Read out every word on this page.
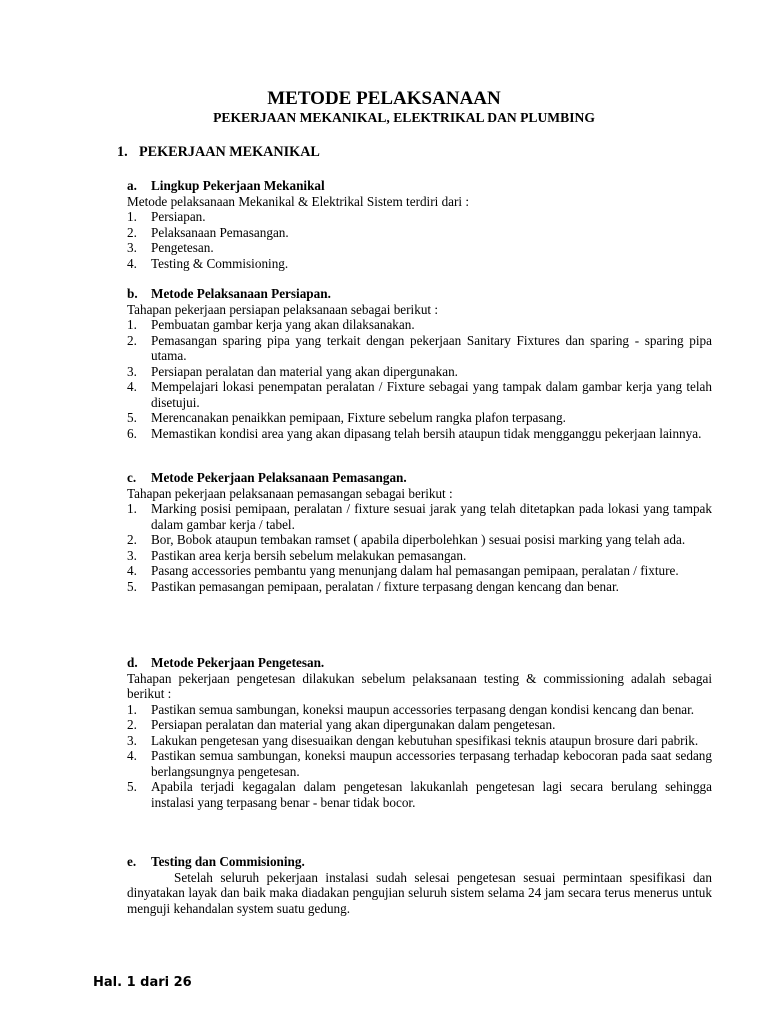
METODE PELAKSANAAN
PEKERJAAN MEKANIKAL, ELEKTRIKAL DAN PLUMBING
1. PEKERJAAN MEKANIKAL
a. Lingkup Pekerjaan Mekanikal
Metode pelaksanaan Mekanikal & Elektrikal Sistem terdiri dari :
1. Persiapan.
2. Pelaksanaan Pemasangan.
3. Pengetesan.
4. Testing & Commisioning.
b. Metode Pelaksanaan Persiapan.
Tahapan pekerjaan persiapan pelaksanaan sebagai berikut :
1. Pembuatan gambar kerja yang akan dilaksanakan.
2. Pemasangan sparing pipa yang terkait dengan pekerjaan Sanitary Fixtures dan sparing - sparing pipa utama.
3. Persiapan peralatan dan material yang akan dipergunakan.
4. Mempelajari lokasi penempatan peralatan / Fixture sebagai yang tampak dalam gambar kerja yang telah disetujui.
5. Merencanakan penaikkan pemipaan, Fixture sebelum rangka plafon terpasang.
6. Memastikan kondisi area yang akan dipasang telah bersih ataupun tidak mengganggu pekerjaan lainnya.
c. Metode Pekerjaan Pelaksanaan Pemasangan.
Tahapan pekerjaan pelaksanaan pemasangan sebagai berikut :
1. Marking posisi pemipaan, peralatan / fixture sesuai jarak yang telah ditetapkan pada lokasi yang tampak dalam gambar kerja / tabel.
2. Bor, Bobok ataupun tembakan ramset ( apabila diperbolehkan ) sesuai posisi marking yang telah ada.
3. Pastikan area kerja bersih sebelum melakukan pemasangan.
4. Pasang accessories pembantu yang menunjang dalam hal pemasangan pemipaan, peralatan / fixture.
5. Pastikan pemasangan pemipaan, peralatan / fixture terpasang dengan kencang dan benar.
d. Metode Pekerjaan Pengetesan.
Tahapan pekerjaan pengetesan dilakukan sebelum pelaksanaan testing & commissioning adalah sebagai berikut :
1. Pastikan semua sambungan, koneksi maupun accessories terpasang dengan kondisi kencang dan benar.
2. Persiapan peralatan dan material yang akan dipergunakan dalam pengetesan.
3. Lakukan pengetesan yang disesuaikan dengan kebutuhan spesifikasi teknis ataupun brosure dari pabrik.
4. Pastikan semua sambungan, koneksi maupun accessories terpasang terhadap kebocoran pada saat sedang berlangsungnya pengetesan.
5. Apabila terjadi kegagalan dalam pengetesan lakukanlah pengetesan lagi secara berulang sehingga instalasi yang terpasang benar - benar tidak bocor.
e. Testing dan Commisioning.
Setelah seluruh pekerjaan instalasi sudah selesai pengetesan sesuai permintaan spesifikasi dan dinyatakan layak dan baik maka diadakan pengujian seluruh sistem selama 24 jam secara terus menerus untuk menguji kehandalan system suatu gedung.
Hal. 1 dari 26
